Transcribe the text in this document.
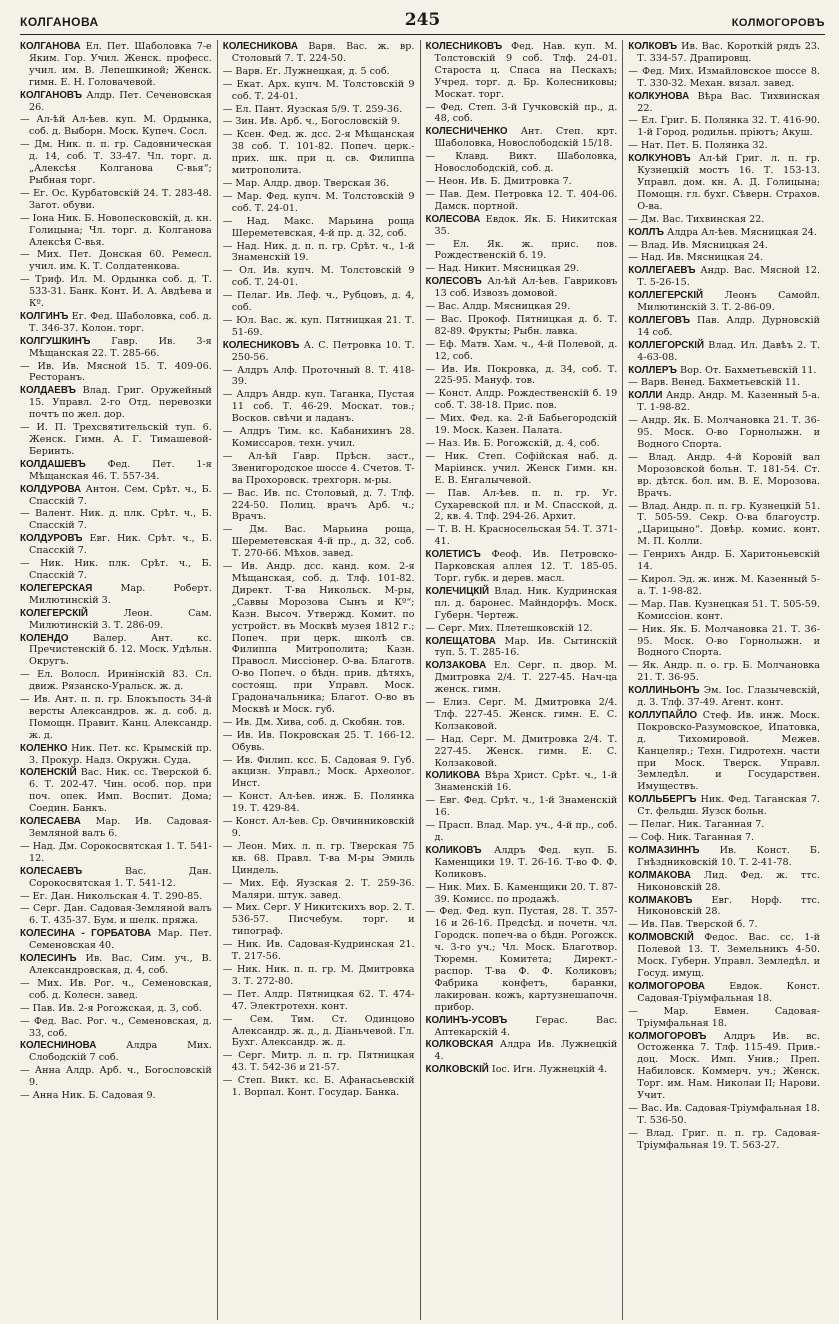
КОЛГАНОВА	245	КОЛМОГОРОВЪ

КОЛГАНОВА Ел. Пет. Шаболовка 7-е Яким. Гор. Учил. Женск. професс. учил. им. В. Лепешкиной; Женск. гимн. Е. Н. Головачевой.

КОЛГАНОВЪ Алдр. Пет. Сеченовская 26.

— Ал-ѣй Ал-ѣев. куп. М. Ордынка, соб. д. Выборн. Моск. Купеч. Сосл.

— Дм. Ник. п. п. гр. Садовническая д. 14, соб. Т. 33-47. Чл. торг. д. „Алексѣя Колганова С-вья“; Рыбная торг.

— Ег. Ос. Курбатовскій 24. Т. 283-48. Загот. обуви.

— Іона Ник. Б. Новопесковскій, д. кн. Голицына; Чл. торг. д. Колганова Алексѣя С-вья.

— Мих. Пет. Донская 60. Ремесл. учил. им. К. Т. Солдатенкова.

— Триф. Ил. М. Ордынка соб. д. Т. 533-31. Банк. Конт. И. А. Авдѣева и Кº.

КОЛГИНЪ Ег. Фед. Шаболовка, соб. д. Т. 346-37. Колон. торг.

КОЛГУШКИНЪ Гавр. Ив. 3-я Мѣщанская 22. Т. 285-66.

— Ив. Ив. Мясной 15. Т. 409-06. Ресторанъ.

КОЛДАЕВЪ Влад. Григ. Оружейный 15. Управл. 2-го Отд. перевозки почтъ по жел. дор.

— И. П. Трехсвятительскій туп. 6. Женск. Гимн. А. Г. Тимашевой-Беринть.

КОЛДАШЕВЪ Фед. Пет. 1-я Мѣщанская 46. Т. 557-34.

КОЛДУРОВА Антон. Сем. Срѣт. ч., Б. Спасскій 7.

— Валент. Ник. д. плк. Срѣт. ч., Б. Спасскій 7.

КОЛДУРОВЪ Евг. Ник. Срѣт. ч., Б. Спасскій 7.

— Ник. Ник. плк. Срѣт. ч., Б. Спасскій 7.

КОЛЕГЕРСКАЯ	Мар. Роберт. Милютинскій 3.

КОЛЕГЕРСКІЙ	Леон. Сам. Милютинскій 3. Т. 286-09.

КОЛЕНДО	Валер. Ант. кс. Пречистенскій б. 12. Моск. Удѣльн. Округъ.

— Ел. Волосл. Иринінскій 83. Сл. движ. Рязанско-Уральск. ж. д.

— Ив. Ант. п. п. гр. Блокъпость 34-й версты Александров. ж. д. соб. д. Помощн. Правит. Канц. Александр. ж. д.

КОЛЕНКО Ник. Пет. кс. Крымскій пр. 3. Прокур. Надз. Окружн. Суда.

КОЛЕНСКІЙ Вас. Ник. сс. Тверской б. 6. Т. 202-47. Чин. особ. пор. при поч. опек. Имп. Воспит. Дома; Соедин. Банкъ.

КОЛЕСАЕВА Мар. Ив. Садовая-Земляной валъ 6.

— Над. Дм. Сорокосвятская 1. Т. 541-12.

КОЛЕСАЕВЪ	Вас. Дан. Сорокосвятская 1. Т. 541-12.

— Ег. Дан. Никольская 4. Т. 290-85.

— Серг. Дан. Садовая-Земляной валъ 6. Т. 435-37. Бум. и шелк. пряжа.

КОЛЕСИНА - ГОРБАТОВА Мар. Пет. Семеновская 40.

КОЛЕСИНЪ Ив. Вас. Сим. уч., В. Александровская, д. 4, соб.

— Мих. Ив. Рог. ч., Семеновская, соб. д. Колесн. завед.

— Пав. Ив. 2-я Рогожская, д. 3, соб.

— Фед. Вас. Рог. ч., Семеновская, д. 33, соб.

КОЛЕСНИНОВА	Алдра Мих. Слободскій 7 соб.

— Анна Алдр. Арб. ч., Богословскій 9.

— Анна Ник. Б. Садовая 9.

КОЛЕСНИКОВА Варв. Вас. ж. вр. Столовый 7. Т. 224-50.

— Варв. Ег. Лужнецкая, д. 5 соб.

— Екат. Арх. купч. М. Толстовскій 9 соб. Т. 24-01.

— Ел. Пант. Яузская 5/9. Т. 259-36.

— Зин. Ив. Арб. ч., Богословскій 9.

— Ксен. Фед. ж. дсс. 2-я Мѣщанская 38 соб. Т. 101-82. Попеч. церк.-прих. шк. при ц. св. Филиппа митрополита.

— Мар. Алдр. двор. Тверская 36.

— Мар. Фед. купч. М. Толстовскій 9 соб. Т. 24-01.

— Над. Макс. Марьина роща Шереметевская, 4-й пр. д. 32, соб.

— Над. Ник. д. п. п. гр. Срѣт. ч., 1-й Знаменскій 19.

— Ол. Ив. купч. М. Толстовскій 9 соб. Т. 24-01.

— Пелаг. Ив. Леф. ч., Рубцовъ, д. 4, соб.

— Юл. Вас. ж. куп. Пятницкая 21. Т. 51-69.

КОЛЕСНИКОВЪ А. С. Петровка 10. Т. 250-56.

— Алдръ Алф. Проточный 8. Т. 418-39.

— Алдръ Андр. куп. Таганка, Пустая 11 соб. Т. 46-29. Москат. тов.; Восков. свѣчи и ладанъ.

— Алдръ Тим. кс. Кабанихинъ 28. Комиссаров. техн. учил.

— Ал-ѣй Гавр. Прѣсн. заст., Звенигородское шоссе 4. Счетов. Т-ва Прохоровск. трехгорн. м-ры.

— Вас. Ив. пс. Столовый, д. 7. Тлф. 224-50. Полиц. врачъ Арб. ч.; Врачъ.

— Дм. Вас. Марьина роща, Шереметевская 4-й пр., д. 32, соб. Т. 270-66. Мѣхов. завед.

— Ив. Андр. дсс. канд. ком. 2-я Мѣщанская, соб. д. Тлф. 101-82. Директ. Т-ва Никольск. М-ры, „Саввы Морозова Сынъ и Кº“; Казн. Высоч. Утвержд. Комит. по устройст. въ Москвѣ музея 1812 г.; Попеч. при церк. школѣ св. Филиппа Митрополита; Казн. Правосл. Миссіонер. О-ва. Благотв. О-во Попеч. о бѣдн. прив. дѣтяхъ, состоящ. при Управл. Моск. Градоначальника; Благот. О-во въ Москвѣ и Моск. губ.

— Ив. Дм. Хива, соб. д. Скобян. тов.

— Ив. Ив. Покровская 25. Т. 166-12. Обувь.

— Ив. Филип. ксс. Б. Садовая 9. Губ. акцизн. Управл.; Моск. Археолог. Инст.

— Конст. Ал-ѣев. инж. Б. Полянка 19. Т. 429-84.

— Конст. Ал-ѣев. Ср. Овчинниковскій 9.

— Леон. Мих. л. п. гр. Тверская 75 кв. 68. Правл. Т-ва М-ры Эмиль Циндель.

— Мих. Еф. Яузская 2. Т. 259-36. Маляри. штук. завед.

— Мих. Серг. У Никитскихъ вор. 2. Т. 536-57. Писчебум. торг. и типограф.

— Ник. Ив. Садовая-Кудринская 21. Т. 217-56.

— Ник. Ник. п. п. гр. М. Дмитровка 3. Т. 272-80.

— Пет. Алдр. Пятницкая 62. Т. 474-47. Электротехн. конт.

— Сем. Тим. Ст. Одинцово Александр. ж. д., д. Діаньчевой. Гл. Бухг. Александр. ж. д.

— Серг. Митр. л. п. гр. Пятницкая 43. Т. 542-36 и 21-57.

— Степ. Викт. кс. Б. Афанасьевскій 1. Ворпал. Конт. Государ. Банка.

КОЛЕСНИКОВЪ Фед. Нав. куп. М. Толстовскій 9 соб. Тлф. 24-01. Староста ц. Спаса на Пескахъ; Учред. торг. д. Бр. Колесниковы; Москат. торг.

— Фед. Степ. 3-й Гучковскій пр., д. 48, соб.

КОЛЕСНИЧЕНКО Ант. Степ. крт. Шаболовка, Новослободскій 15/18.

— Клавд. Викт. Шаболовка, Новослободскій, соб. д.

— Неон. Ив. Б. Дмитровка 7.

— Пав. Дем. Петровка 12. Т. 404-06. Дамск. портной.

КОЛЕСОВА Евдок. Як. Б. Никитская 35.

— Ел. Як. ж. прис. пов. Рождественскій б. 19.

— Над. Никит. Мясницкая 29.

КОЛЕСОВЪ Ал-ѣй Ал-ѣев. Гавриковъ 13 соб. Извозъ домовой.

— Вас. Алдр. Мясницкая 29.

— Вас. Прокоф. Пятницкая д. б. Т. 82-89. Фрукты; Рыбн. лавка.

— Еф. Матв. Хам. ч., 4-й Полевой, д. 12, соб.

— Ив. Ив. Покровка, д. 34, соб. Т. 225-95. Мануф. тов.

— Конст. Алдр. Рождественскій б. 19 соб. Т. 38-18. Прис. пов.

— Мих. Фед. ка. 2-й Бабьегородскій 19. Моск. Казен. Палата.

— Наз. Ив. Б. Рогожскій, д. 4, соб.

— Ник. Степ. Софійская наб. д. Маріинск. учил. Женск Гимн. кн. Е. В. Енгалычевой.

— Пав. Ал-ѣев. п. п. гр. Уг. Сухаревской пл. и М. Спасской, д. 2, кв. 4. Тлф. 294-26. Архит.

— Т. В. Н. Красносельская 54. Т. 371-41.

КОЛЕТИСЪ Феоф. Ив. Петровско-Парковская аллея 12. Т. 185-05. Торг. губк. и дерев. масл.

КОЛЕЧИЦКІЙ Влад. Ник. Кудринская пл. д. баронес. Майндорфъ. Моск. Губерн. Чертеж.

— Серг. Мих. Плетешковскій 12.

КОЛЕЩАТОВА Мар. Ив. Сытинскій туп. 5. Т. 285-16.

КОЛЗАКОВА Ел. Серг. п. двор. М. Дмитровка 2/4. Т. 227-45. Нач-ца женск. гимн.

— Елиз. Серг. М. Дмитровка 2/4. Тлф. 227-45. Женск. гимн. Е. С. Колзаковой.

— Над. Серг. М. Дмитровка 2/4. Т. 227-45. Женск. гимн. Е. С. Колзаковой.

КОЛИКОВА Вѣра Христ. Срѣт. ч., 1-й Знаменскій 16.

— Евг. Фед. Срѣт. ч., 1-й Знаменскій 16.

— Прасп. Влад. Мар. уч., 4-й пр., соб. д.

КОЛИКОВЪ Алдръ Фед. куп. Б. Каменщики 19. Т. 26-16. Т-во Ф. Ф. Коликовъ.

— Ник. Мих. Б. Каменщики 20. Т. 87-39. Комисс. по продажѣ.

— Фед. Фед. куп. Пустая, 28. Т. 357-16 и 26-16. Предсѣд. и почетн. чл. Городск. попеч-ва о бѣдн. Рогожск. ч. 3-го уч.; Чл. Моск. Благотвор. Тюремн. Комитета; Директ.-распор. Т-ва Ф. Ф. Коликовъ; Фабрика конфетъ, баранки, лакирован. кожъ, картузнешапочн. прибор.

КОЛИНЪ-УСОВЪ	Герас. Вас. Аптекарскій 4.

КОЛКОВСКАЯ Алдра Ив. Лужнецкій 4.

КОЛКОВСКІЙ Іос. Игн. Лужнецкій 4.

КОЛКОВЪ Ив. Вас. Короткій рядъ 23. Т. 334-57. Драпировщ.

— Фед. Мих. Измайловское шоссе 8. Т. 330-32. Механ. вязал. завед.

КОЛКУНОВА Вѣра Вас. Тихвинская 22.

— Ел. Григ. Б. Полянка 32. Т. 416-90. 1-й Город. родильн. пріютъ; Акуш.

— Нат. Пет. Б. Полянка 32.

КОЛКУНОВЪ Ал-ѣй Григ. л. п. гр. Кузнецкій мостъ 16. Т. 153-13. Управл. дом. кн. А. Д. Голицына; Помощн. гл. бухг. Сѣверн. Страхов. О-ва.

— Дм. Вас. Тихвинская 22.

КОЛЛЪ Алдра Ал-ѣев. Мясницкая 24.

— Влад. Ив. Мясницкая 24.

— Над. Ив. Мясницкая 24.

КОЛЛЕГАЕВЪ Андр. Вас. Мясной 12. Т. 5-26-15.

КОЛЛЕГЕРСКІЙ Леонъ Самойл. Милютинскій 3. Т. 2-86-09.

КОЛЛЕГОВЪ Пав. Алдр. Дурновскій 14 соб.

КОЛЛЕГОРСКІЙ Влад. Ил. Давѣъ 2. Т. 4-63-08.

КОЛЛЕРЪ Вор. От. Бахметьевскій 11.

— Варв. Венед. Бахметьевскій 11.

КОЛЛИ Андр. Андр. М. Казенный 5-а. Т. 1-98-82.

— Андр. Як. Б. Молчановка 21. Т. 36-95. Моск. О-во Горнолыжн. и Водного Спорта.

— Влад. Андр. 4-й Коровій вал Морозовской больн. Т. 181-54. Ст. вр. дѣтск. бол. им. В. Е. Морозова. Врачъ.

— Влад. Андр. п. п. гр. Кузнецкій 51. Т. 505-59. Секр. О-ва благоустр. „Царицыно“. Довѣр. комис. конт. М. П. Колли.

— Генрихъ Андр. Б. Харитоньевскій 14.

— Кирол. Эд. ж. инж. М. Казенный 5-а. Т. 1-98-82.

— Мар. Пав. Кузнецкая 51. Т. 505-59. Комиссіон. конт.

— Ник. Як. Б. Молчановка 21. Т. 36-95. Моск. О-во Горнолыжн. и Водного Спорта.

— Як. Андр. п. о. гр. Б. Молчановка 21. Т. 36-95.

КОЛЛИНЬОНЪ Эм. Іос. Глазычевскій, д. 3. Тлф. 37-49. Агент. конт.

КОЛЛУПАЙЛО Стеф. Ив. инж. Моск. Покровско-Разумовское, Ипатовка, д. Тихомировой. Межев. Канцеляр.; Техн. Гидротехн. части при Моск. Тверск. Управл. Земледѣл. и Государствен. Имуществъ.

КОЛЛЬБЕРГЪ Ник. Фед. Таганская 7. Ст. фельдш. Яузск больн.

— Пелаг. Ник. Таганная 7.

— Соф. Ник. Таганная 7.

КОЛМАЗИННЪ Ив. Конст. Б. Гнѣздниковскій 10. Т. 2-41-78.

КОЛМАКОВА Лид. Фед. ж. ттс. Никоновскій 28.

КОЛМАКОВЪ Евг. Норф. ттс. Никоновскій 28.

— Ив. Пав. Тверской б. 7.

КОЛМОВСКІЙ Федос. Вас. сс. 1-й Полевой 13. Т. Земельникъ 4-50. Моск. Губерн. Управл. Земледѣл. и Госуд. имущ.

КОЛМОГОРОВА	Евдок. Конст. Садовая-Тріумфальная 18.

— Мар. Евмен. Садовая-Тріумфальная 18.

КОЛМОГОРОВЪ Алдръ Ив. вс. Остоженка 7. Тлф. 115-49. Прив.-доц. Моск. Имп. Унив.; Преп. Набиловск. Коммерч. уч.; Женск. Торг. им. Нам. Николаи II; Нарови. Учит.

— Вас. Ив. Садовая-Тріумфальная 18. Т. 536-50.

— Влад. Григ. п. п. гр. Садовая-Тріумфальная 19. Т. 563-27.
